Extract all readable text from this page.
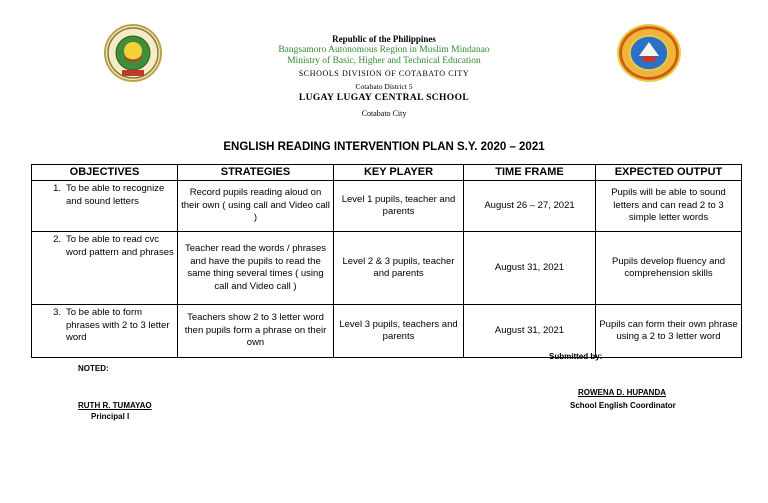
Republic of the Philippines
Bangsamoro Autonomous Region in Muslim Mindanao
Ministry of Basic, Higher and Technical Education
SCHOOLS DIVISION OF COTABATO CITY
Cotabato District 5
LUGAY LUGAY CENTRAL SCHOOL
Cotabato City
ENGLISH READING INTERVENTION PLAN S.Y. 2020 – 2021
OBJECTIVES	STRATEGIES	KEY PLAYER	TIME FRAME	EXPECTED OUTPUT

1. To be able to recognize and sound letters	Record pupils reading aloud on their own ( using call and Video call )	Level 1 pupils, teacher and parents	August 26 – 27, 2021	Pupils will be able to sound letters and can read 2 to 3 simple letter words

2. To be able to read cvc word pattern and phrases	Teacher read the words / phrases and have the pupils to read the same thing several times ( using call and Video call )	Level 2 & 3 pupils, teacher and parents	August 31, 2021	Pupils develop fluency and comprehension skills

3. To be able to form phrases with 2 to 3 letter word	Teachers show 2 to 3 letter word then pupils form a phrase on their own	Level 3 pupils, teachers and parents	August 31, 2021	Pupils can form their own phrase using a 2 to 3 letter word
Submitted by:
NOTED:
ROWENA D. HUPANDA
School English Coordinator
RUTH R. TUMAYAO
Principal I
